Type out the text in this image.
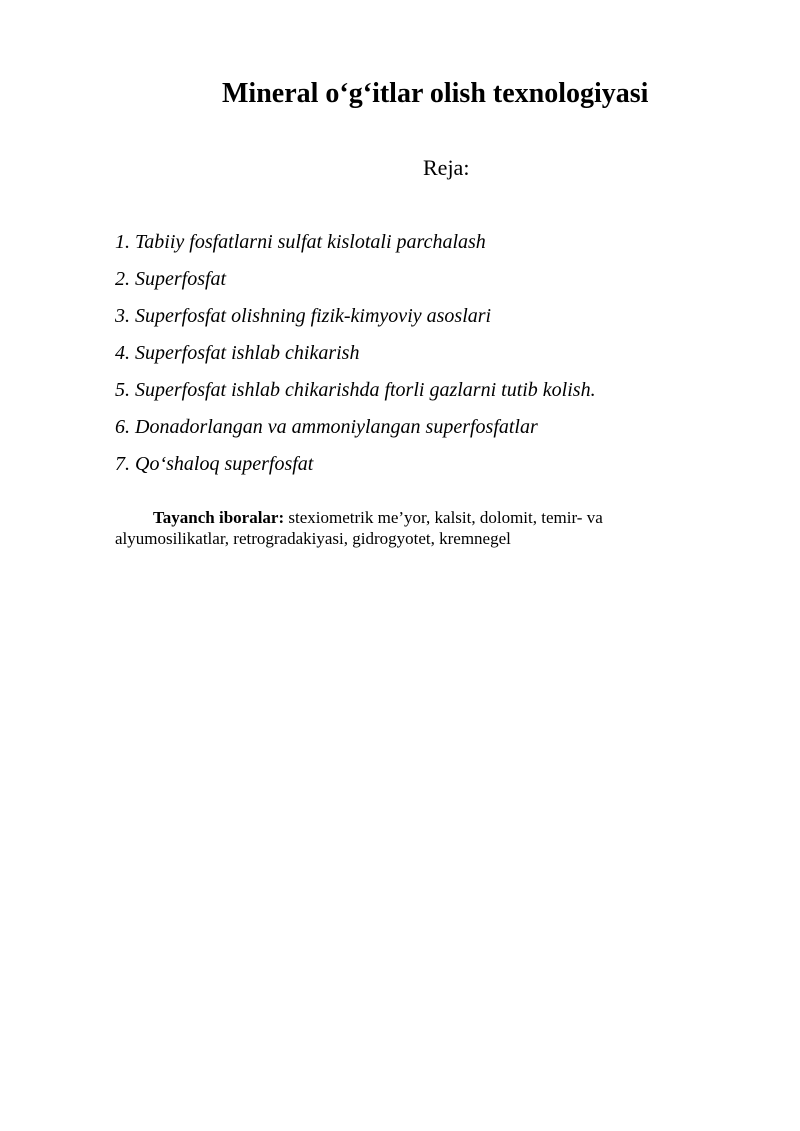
Mineral o‘g‘itlar olish texnologiyasi

Reja:

1. Tabiiy fosfatlarni sulfat kislotali parchalash
2. Superfosfat
3. Superfosfat olishning fizik-kimyoviy asoslari
4. Superfosfat ishlab chikarish
5. Superfosfat ishlab chikarishda ftorli gazlarni tutib kolish.
6. Donadorlangan va ammoniylangan superfosfatlar
7. Qo‘shaloq superfosfat

Tayanch iboralar: stexiometrik me’yor, kalsit, dolomit, temir- va alyumosilikatlar, retrogradakiyasi, gidrogyotet, kremnegel
